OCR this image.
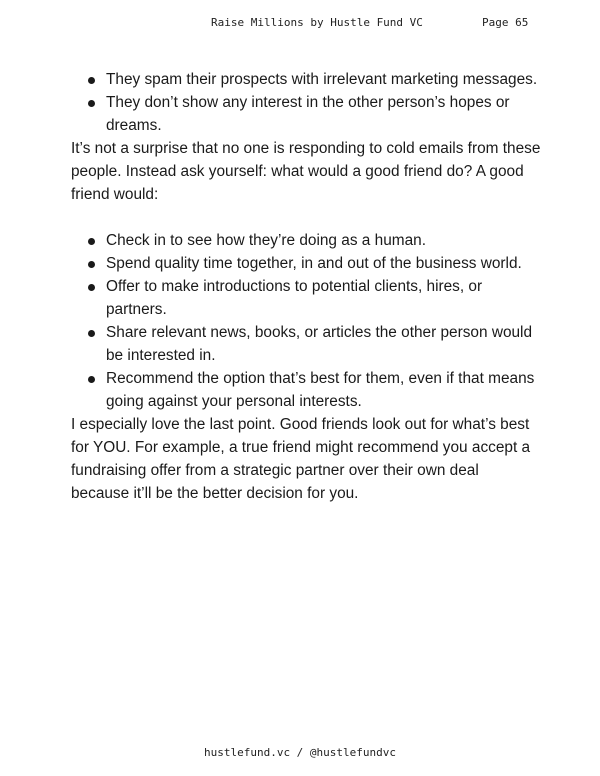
Raise Millions by Hustle Fund VC	Page 65
They spam their prospects with irrelevant marketing messages.
They don’t show any interest in the other person’s hopes or dreams.

It’s not a surprise that no one is responding to cold emails from these people. Instead ask yourself: what would a good friend do? A good friend would:

Check in to see how they’re doing as a human.
Spend quality time together, in and out of the business world.
Offer to make introductions to potential clients, hires, or partners.
Share relevant news, books, or articles the other person would be interested in.
Recommend the option that’s best for them, even if that means going against your personal interests.

I especially love the last point. Good friends look out for what’s best for YOU. For example, a true friend might recommend you accept a fundraising offer from a strategic partner over their own deal because it’ll be the better decision for you.

hustlefund.vc / @hustlefundvc
